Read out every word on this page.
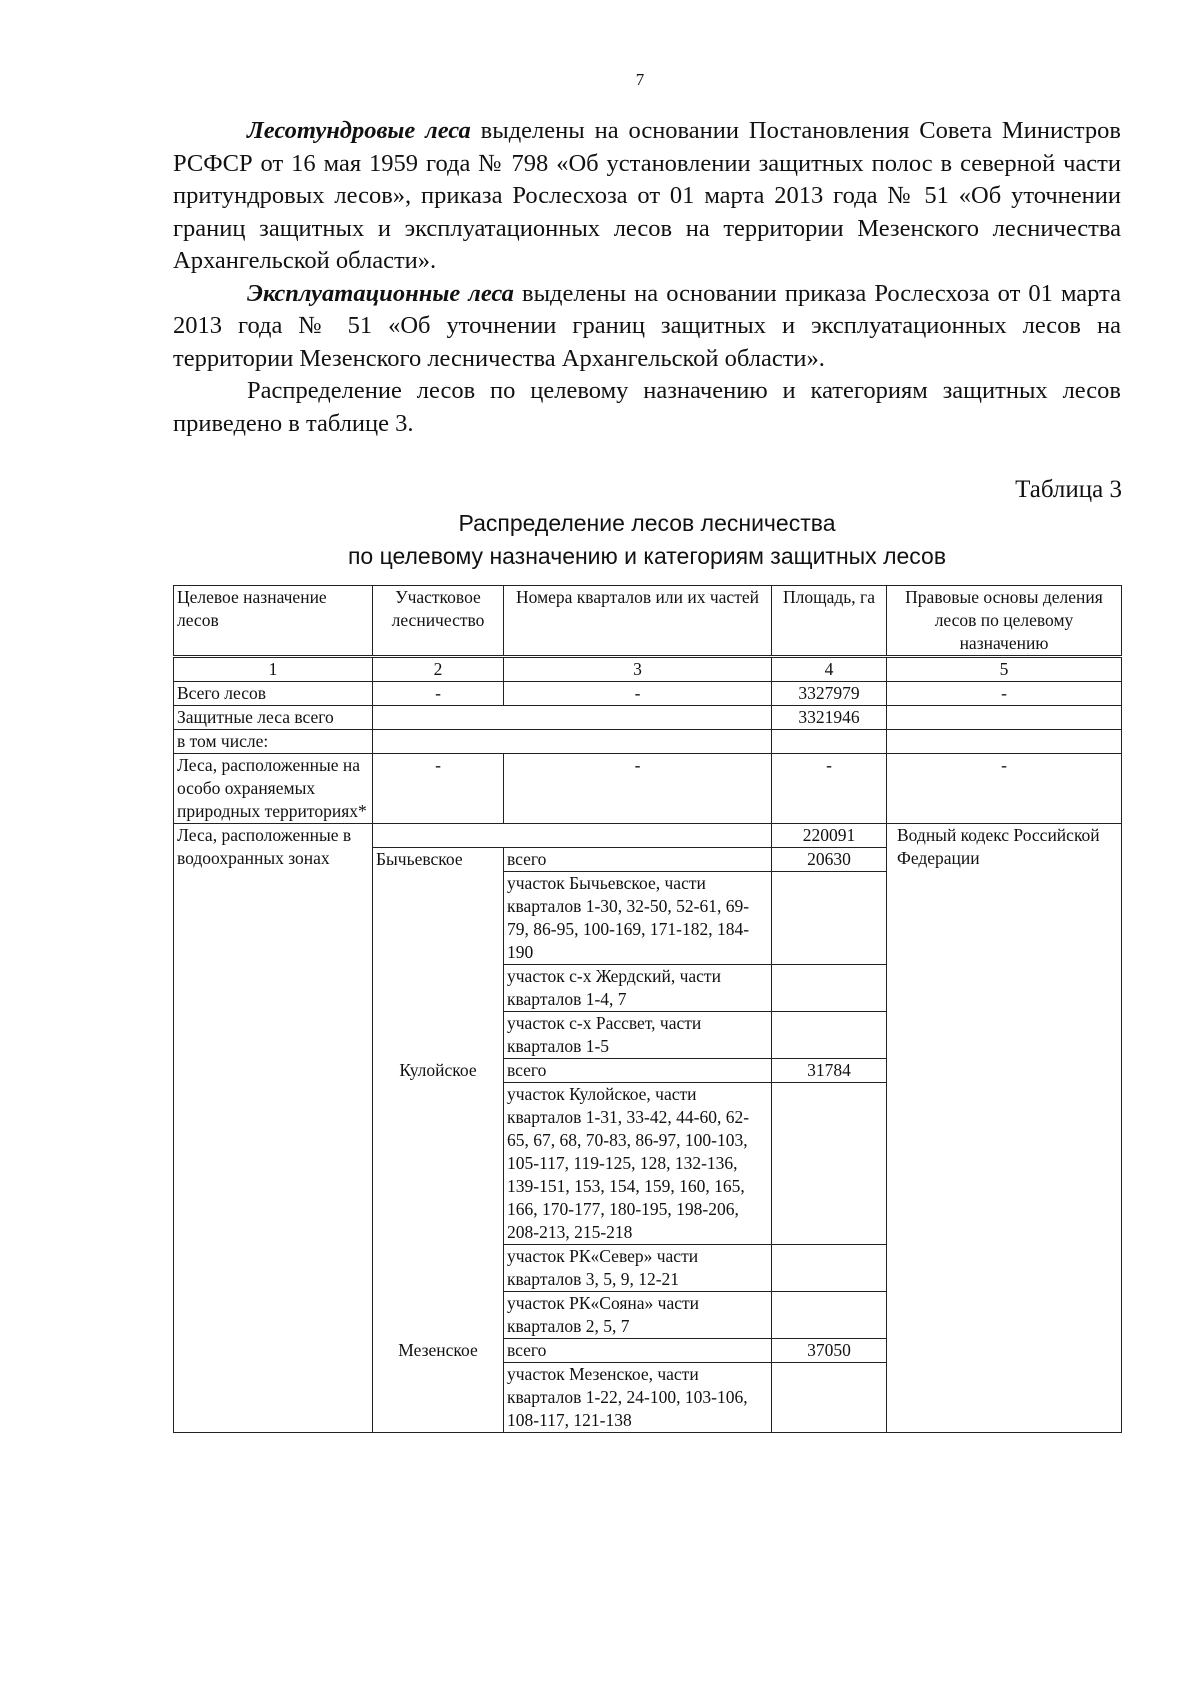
7

Лесотундровые леса выделены на основании Постановления Совета Министров РСФСР от 16 мая 1959 года № 798 «Об установлении защитных полос в северной части притундровых лесов», приказа Рослесхоза от 01 марта 2013 года № 51 «Об уточнении границ защитных и эксплуатационных лесов на территории Мезенского лесничества Архангельской области».

Эксплуатационные леса выделены на основании приказа Рослесхоза от 01 марта 2013 года № 51 «Об уточнении границ защитных и эксплуатационных лесов на территории Мезенского лесничества Архангельской области».

Распределение лесов по целевому назначению и категориям защитных лесов приведено в таблице 3.

Таблица 3
Распределение лесов лесничества
по целевому назначению и категориям защитных лесов
Целевое назначение лесов	Участковое лесничество	Номера кварталов или их частей	Площадь, га	Правовые основы деления лесов по целевому назначению
1	2	3	4	5
Всего лесов	-	-	3327979	-
Защитные леса всего			3321946	
в том числе:				
Леса, расположенные на особо охраняемых природных территориях*	-	-	-	-
Леса, расположенные в водоохранных зонах			220091	Водный кодекс Российской Федерации
	Бычьевское	всего	20630	
		участок Бычьевское, части кварталов 1-30, 32-50, 52-61, 69-79, 86-95, 100-169, 171-182, 184-190		
		участок с-х Жердский, части кварталов 1-4, 7		
		участок с-х Рассвет, части кварталов 1-5		
	Кулойское	всего	31784	
		участок Кулойское, части кварталов 1-31, 33-42, 44-60, 62-65, 67, 68, 70-83, 86-97, 100-103, 105-117, 119-125, 128, 132-136, 139-151, 153, 154, 159, 160, 165, 166, 170-177, 180-195, 198-206, 208-213, 215-218		
		участок РК«Север» части кварталов 3, 5, 9, 12-21		
		участок РК«Сояна» части кварталов 2, 5, 7		
	Мезенское	всего	37050	
		участок Мезенское, части кварталов 1-22, 24-100, 103-106, 108-117, 121-138		
